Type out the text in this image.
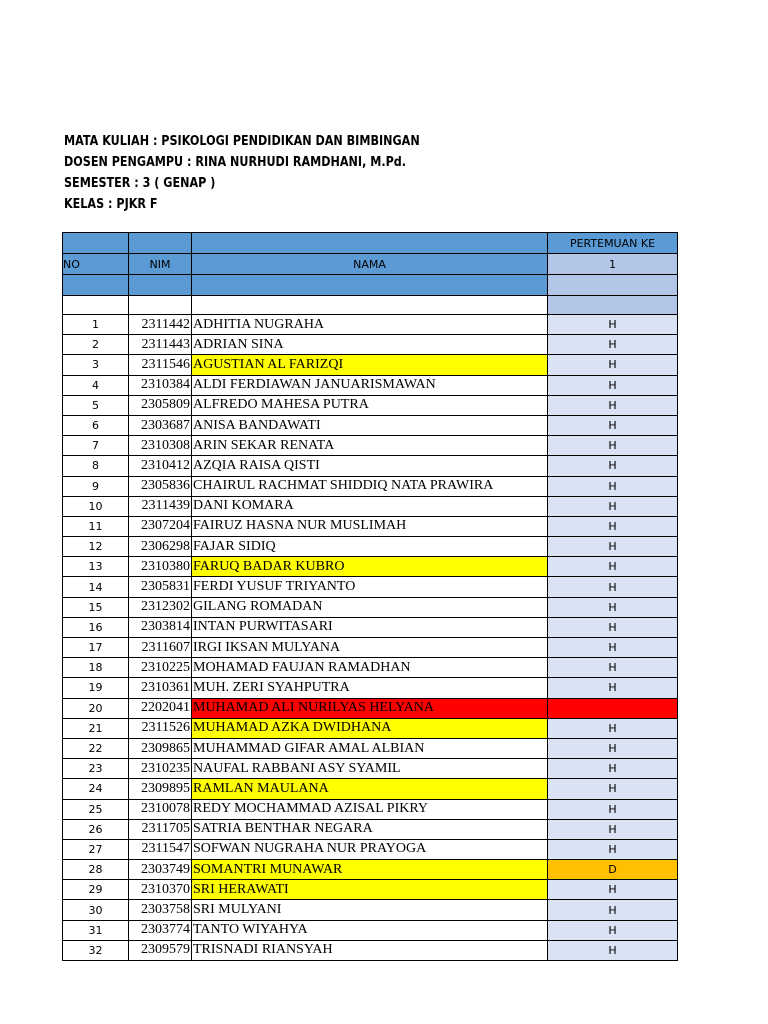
MATA KULIAH : PSIKOLOGI PENDIDIKAN DAN BIMBINGAN
DOSEN PENGAMPU : RINA NURHUDI RAMDHANI, M.Pd.
SEMESTER : 3 ( GENAP )
KELAS : PJKR F
			PERTEMUAN KE
NO	NIM	NAMA	1

1	2311442	ADHITIA NUGRAHA	H
2	2311443	ADRIAN SINA	H
3	2311546	AGUSTIAN AL FARIZQI	H
4	2310384	ALDI FERDIAWAN JANUARISMAWAN	H
5	2305809	ALFREDO MAHESA PUTRA	H
6	2303687	ANISA BANDAWATI	H
7	2310308	ARIN SEKAR RENATA	H
8	2310412	AZQIA RAISA QISTI	H
9	2305836	CHAIRUL RACHMAT SHIDDIQ NATA PRAWIRA	H
10	2311439	DANI KOMARA	H
11	2307204	FAIRUZ HASNA NUR MUSLIMAH	H
12	2306298	FAJAR SIDIQ	H
13	2310380	FARUQ BADAR KUBRO	H
14	2305831	FERDI YUSUF TRIYANTO	H
15	2312302	GILANG ROMADAN	H
16	2303814	INTAN PURWITASARI	H
17	2311607	IRGI IKSAN MULYANA	H
18	2310225	MOHAMAD FAUJAN RAMADHAN	H
19	2310361	MUH. ZERI SYAHPUTRA	H
20	2202041	MUHAMAD ALI NURILYAS HELYANA	
21	2311526	MUHAMAD AZKA DWIDHANA	H
22	2309865	MUHAMMAD GIFAR AMAL ALBIAN	H
23	2310235	NAUFAL RABBANI ASY SYAMIL	H
24	2309895	RAMLAN MAULANA	H
25	2310078	REDY MOCHAMMAD AZISAL PIKRY	H
26	2311705	SATRIA BENTHAR NEGARA	H
27	2311547	SOFWAN NUGRAHA NUR PRAYOGA	H
28	2303749	SOMANTRI MUNAWAR	D
29	2310370	SRI HERAWATI	H
30	2303758	SRI MULYANI	H
31	2303774	TANTO WIYAHYA	H
32	2309579	TRISNADI RIANSYAH	H
